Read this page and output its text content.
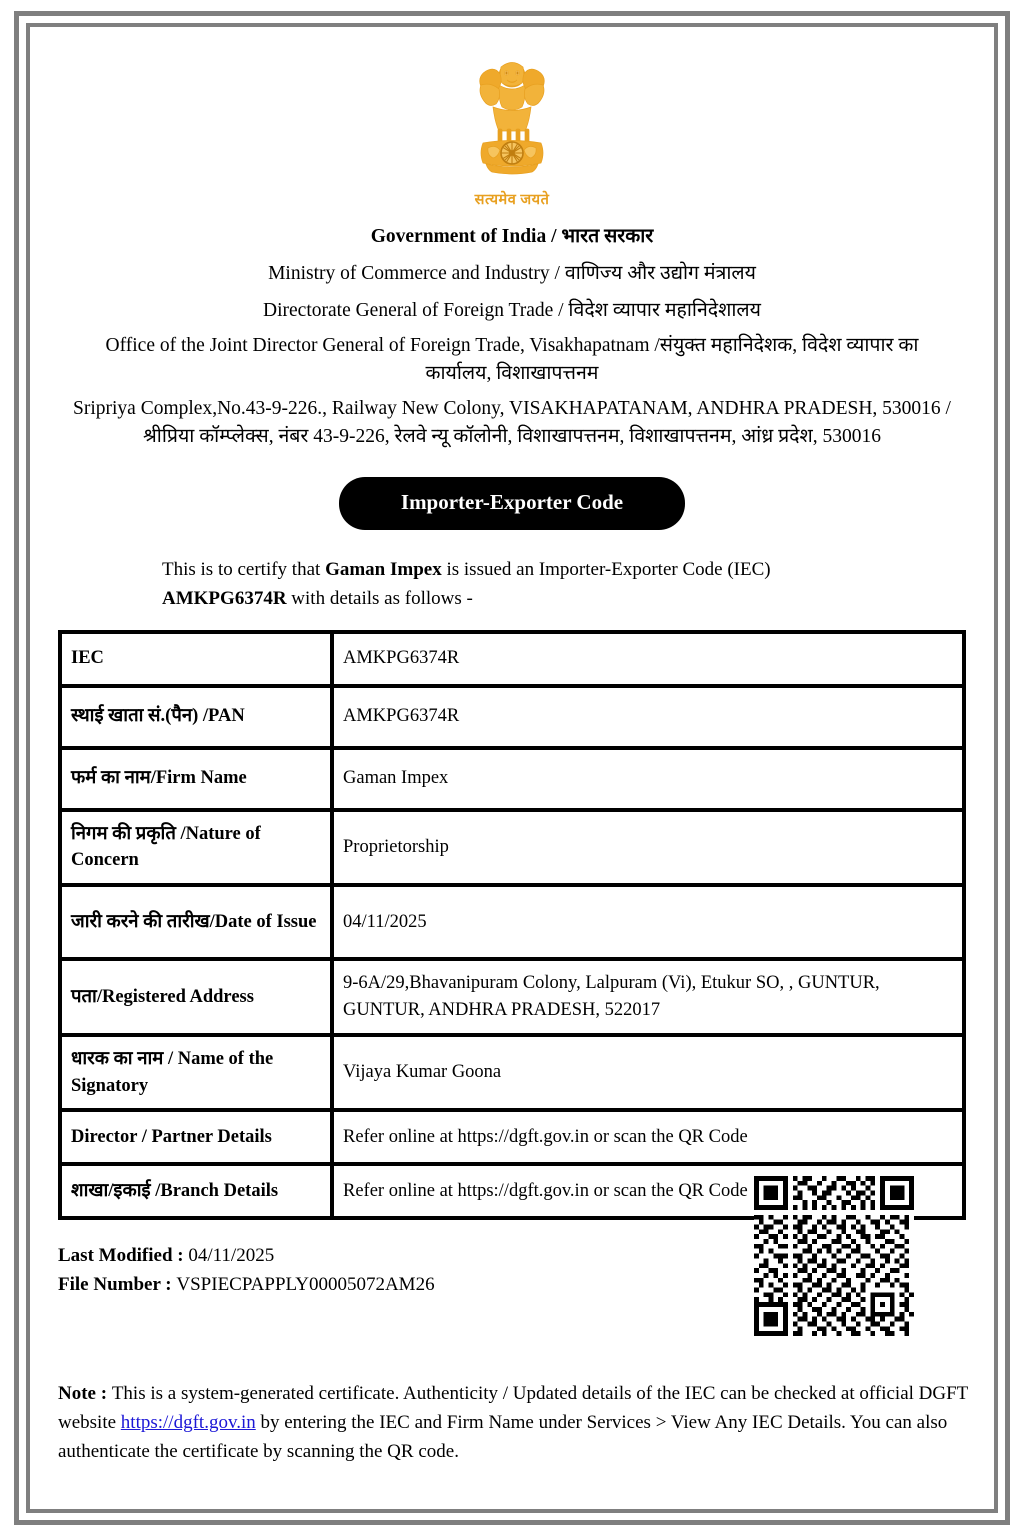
सत्यमेव जयते
Government of India / भारत सरकार
Ministry of Commerce and Industry / वाणिज्य और उद्योग मंत्रालय
Directorate General of Foreign Trade / विदेश व्यापार महानिदेशालय
Office of the Joint Director General of Foreign Trade, Visakhapatnam /संयुक्त महानिदेशक, विदेश व्यापार का कार्यालय, विशाखापत्तनम
Sripriya Complex,No.43-9-226., Railway New Colony, VISAKHAPATANAM, ANDHRA PRADESH, 530016 / श्रीप्रिया कॉम्प्लेक्स, नंबर 43-9-226, रेलवे न्यू कॉलोनी, विशाखापत्तनम, विशाखापत्तनम, आंध्र प्रदेश, 530016
Importer-Exporter Code
This is to certify that Gaman Impex is issued an Importer-Exporter Code (IEC) AMKPG6374R with details as follows -
IEC	AMKPG6374R
स्थाई खाता सं.(पैन) /PAN	AMKPG6374R
फर्म का नाम/Firm Name	Gaman Impex
निगम की प्रकृति /Nature of Concern	Proprietorship
जारी करने की तारीख/Date of Issue	04/11/2025
पता/Registered Address	9-6A/29,Bhavanipuram Colony, Lalpuram (Vi), Etukur SO, , GUNTUR, GUNTUR, ANDHRA PRADESH, 522017
धारक का नाम / Name of the Signatory	Vijaya Kumar Goona
Director / Partner Details	Refer online at https://dgft.gov.in or scan the QR Code
शाखा/इकाई /Branch Details	Refer online at https://dgft.gov.in or scan the QR Code
Last Modified : 04/11/2025
File Number : VSPIECPAPPLY00005072AM26
Note : This is a system-generated certificate. Authenticity / Updated details of the IEC can be checked at official DGFT website https://dgft.gov.in by entering the IEC and Firm Name under Services > View Any IEC Details. You can also authenticate the certificate by scanning the QR code.
